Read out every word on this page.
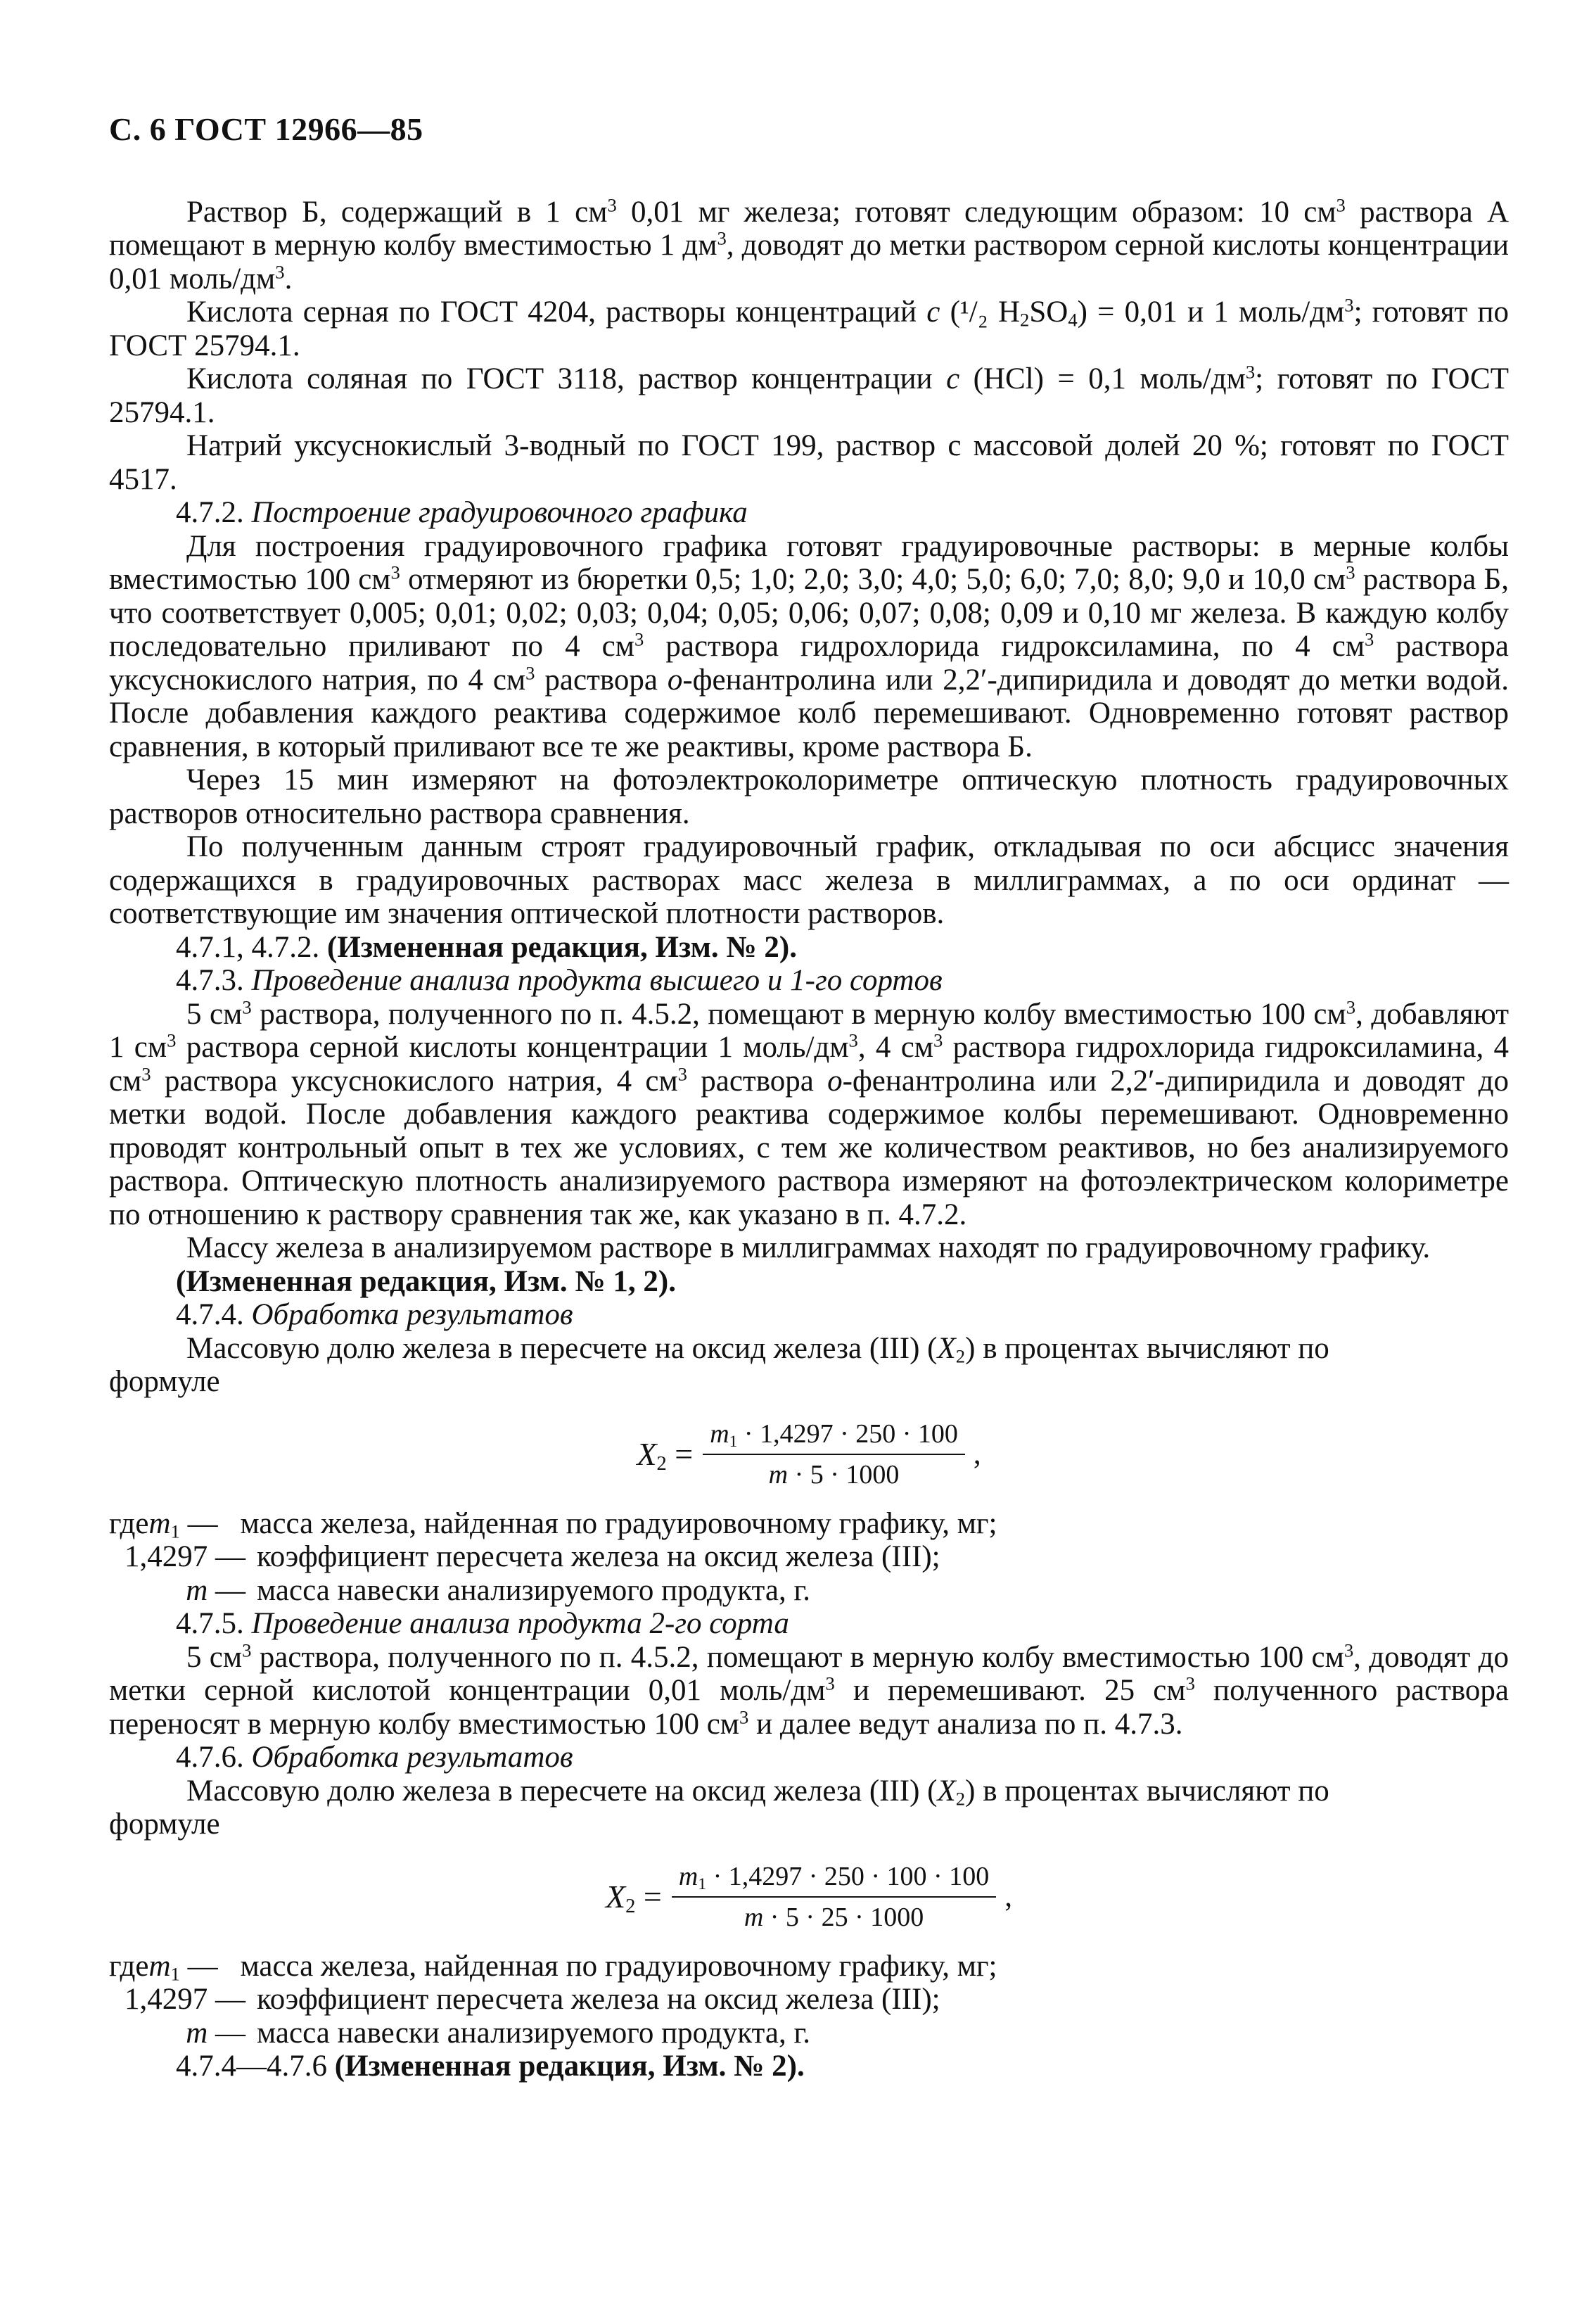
С. 6 ГОСТ 12966—85

Раствор Б, содержащий в 1 $см^3$ 0,01 мг железа; готовят следующим образом: 10 $см^3$ раствора А помещают в мерную колбу вместимостью 1 $дм^3$, доводят до метки раствором серной кислоты концентрации 0,01 моль/$дм^3$.

Кислота серная по ГОСТ 4204, растворы концентраций c (¹/₂ $H_2SO_4) = 0,01$ и 1 моль/$дм^3$; готовят по ГОСТ 25794.1.

Кислота соляная по ГОСТ 3118, раствор концентрации c (HCl) = 0,1 моль/$дм^3$; готовят по ГОСТ 25794.1.

Натрий уксуснокислый 3-водный по ГОСТ 199, раствор с массовой долей 20 %; готовят по ГОСТ 4517.

4.7.2. Построение градуировочного графика

Для построения градуировочного графика готовят градуировочные растворы: в мерные колбы вместимостью 100 $см^3$ отмеряют из бюретки 0,5; 1,0; 2,0; 3,0; 4,0; 5,0; 6,0; 7,0; 8,0; 9,0 и 10,0 $см^3$ раствора Б, что соответствует 0,005; 0,01; 0,02; 0,03; 0,04; 0,05; 0,06; 0,07; 0,08; 0,09 и 0,10 мг железа. В каждую колбу последовательно приливают по 4 $см^3$ раствора гидрохлорида гидроксиламина, по 4 $см^3$ раствора уксуснокислого натрия, по 4 $см^3$ раствора о-фенантролина или 2,2′-дипиридила и доводят до метки водой. После добавления каждого реактива содержимое колб перемешивают. Одновременно готовят раствор сравнения, в который приливают все те же реактивы, кроме раствора Б.

Через 15 мин измеряют на фотоэлектроколориметре оптическую плотность градуировочных растворов относительно раствора сравнения.

По полученным данным строят градуировочный график, откладывая по оси абсцисс значения содержащихся в градуировочных растворах масс железа в миллиграммах, а по оси ординат — соответствующие им значения оптической плотности растворов.

4.7.1, 4.7.2. (Измененная редакция, Изм. № 2).

4.7.3. Проведение анализа продукта высшего и 1-го сортов

5 $см^3$ раствора, полученного по п. 4.5.2, помещают в мерную колбу вместимостью 100 $см^3$, добавляют 1 $см^3$ раствора серной кислоты концентрации 1 моль/$дм^3$, 4 $см^3$ раствора гидрохлорида гидроксиламина, 4 $см^3$ раствора уксуснокислого натрия, 4 $см^3$ раствора о-фенантролина или 2,2′-дипиридила и доводят до метки водой. После добавления каждого реактива содержимое колбы перемешивают. Одновременно проводят контрольный опыт в тех же условиях, с тем же количеством реактивов, но без анализируемого раствора. Оптическую плотность анализируемого раствора измеряют на фотоэлектрическом колориметре по отношению к раствору сравнения так же, как указано в п. 4.7.2.

Массу железа в анализируемом растворе в миллиграммах находят по градуировочному графику.

(Измененная редакция, Изм. № 1, 2).

4.7.4. Обработка результатов

Массовую долю железа в пересчете на оксид железа (III) $(X_2)$ в процентах вычисляют по

формуле

$X_2 = \frac{m_1 \cdot 1,4297 \cdot 250 \cdot 100}{m \cdot 5 \cdot 1000}$ ,
где $m_1$ — масса железа, найденная по градуировочному графику, мг;
1,4297 — коэффициент пересчета железа на оксид железа (III);
m — масса навески анализируемого продукта, г.

4.7.5. Проведение анализа продукта 2-го сорта

5 $см^3$ раствора, полученного по п. 4.5.2, помещают в мерную колбу вместимостью 100 $см^3$, доводят до метки серной кислотой концентрации 0,01 моль/$дм^3$ и перемешивают. 25 $см^3$ полученного раствора переносят в мерную колбу вместимостью 100 $см^3$ и далее ведут анализа по п. 4.7.3.

4.7.6. Обработка результатов

Массовую долю железа в пересчете на оксид железа (III) $(X_2)$ в процентах вычисляют по

формуле

$X_2 = \frac{m_1 \cdot 1,4297 \cdot 250 \cdot 100 \cdot 100}{m \cdot 5 \cdot 25 \cdot 1000}$ ,
где $m_1$ — масса железа, найденная по градуировочному графику, мг;
1,4297 — коэффициент пересчета железа на оксид железа (III);
m — масса навески анализируемого продукта, г.

4.7.4—4.7.6 (Измененная редакция, Изм. № 2).
